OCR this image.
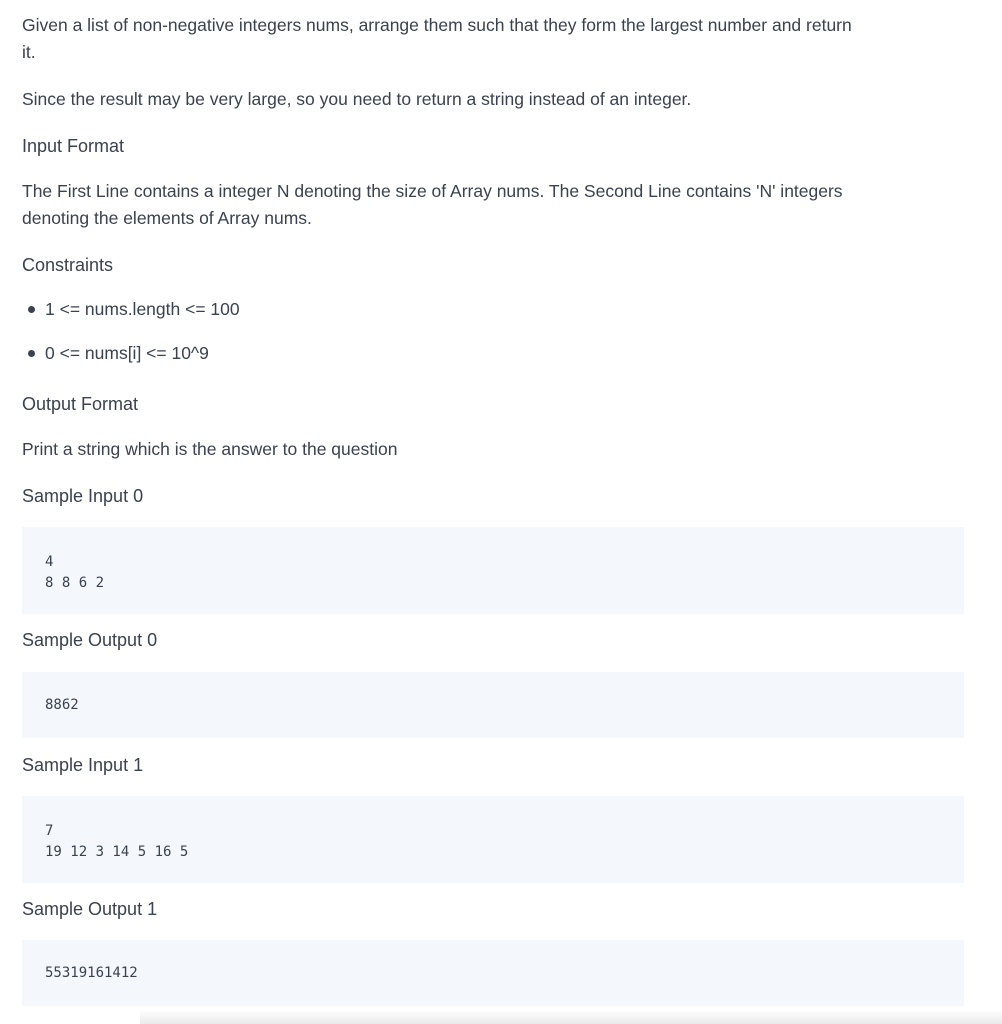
Given a list of non-negative integers nums, arrange them such that they form the largest number and return

it.

Since the result may be very large, so you need to return a string instead of an integer.

Input Format

The First Line contains a integer N denoting the size of Array nums. The Second Line contains 'N' integers

denoting the elements of Array nums.

Constraints
1 <= nums.length <= 100
0 <= nums[i] <= 10^9
Output Format

Print a string which is the answer to the question

Sample Input 0
4
8 8 6 2
Sample Output 0
8862
Sample Input 1
7
19 12 3 14 5 16 5
Sample Output 1
55319161412
